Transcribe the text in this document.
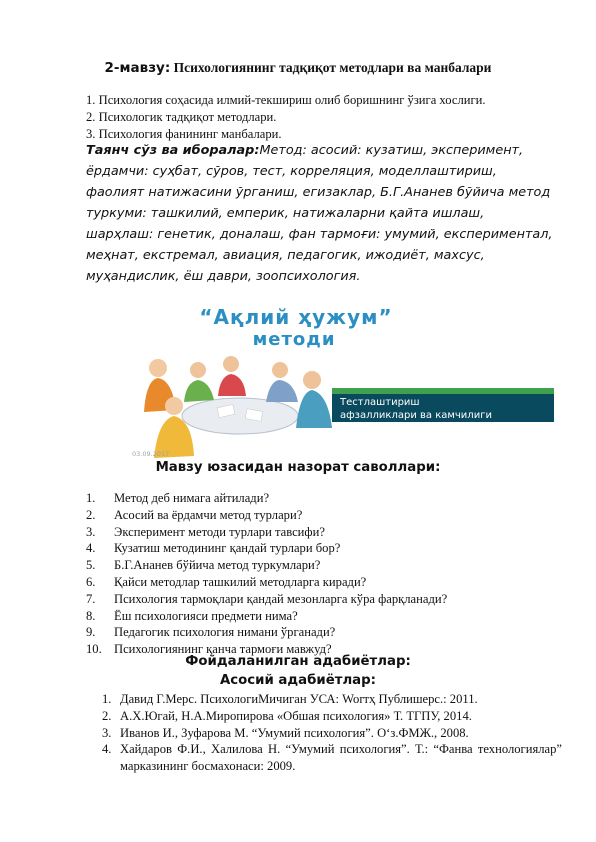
2-мавзу: Психологиянинг тадқиқот методлари ва манбалари
1. Психология соҳасида илмий-текшириш олиб боришнинг ўзига хослиги.
2. Психологик тадқиқот методлари.
3. Психология фанининг манбалари.
Таянч сўз ва иборалар:Метод: асосий: кузатиш, эксперимент,
ёрдамчи: суҳбат, сўров, тест, корреляция, моделлаштириш,
фаолият натижасини ўрганиш, егизаклар, Б.Г.Ананев бўйича метод
туркуми: ташкилий, емперик, натижаларни қайта ишлаш,
шарҳлаш: генетик, доналаш, фан тармоғи: умумий, експериментал,
меҳнат, екстремал, авиация, педагогик, ижодиёт, махсус,
муҳандислик, ёш даври, зоопсихология.
“Ақлий ҳужум”
методи
Тестлаштириш
афзалликлари ва камчилиги
03.09.2017
Мавзу юзасидан назорат саволлари:
1. Метод деб нимага айтилади?
2. Асосий ва ёрдамчи метод турлари?
3. Эксперимент методи турлари тавсифи?
4. Кузатиш методининг қандай турлари бор?
5. Б.Г.Ананев бўйича метод туркумлари?
6. Қайси методлар ташкилий методларга киради?
7. Психология тармоқлари қандай мезонларга кўра фарқланади?
8. Ёш психологияси предмети нима?
9. Педагогик психология нимани ўрганади?
10. Психологиянинг қанча тармоғи мавжуд?
Фойдаланилган адабиётлар:
Асосий адабиётлар:
1. Давид Г.Мерс. ПсихологиМичиган УСА: Worтҳ Публишерс.: 2011.
2. А.Х.Югай, Н.А.Миропирова «Обшая психология» Т. ТГПУ, 2014.
3. Иванов И., Зуфарова М. “Умумий психология”. О‘з.ФМЖ., 2008.
4. Хайдаров Ф.И., Халилова Н. “Умумий психология”. Т.: “Фанва технологиялар” марказининг босмахонаси: 2009.
